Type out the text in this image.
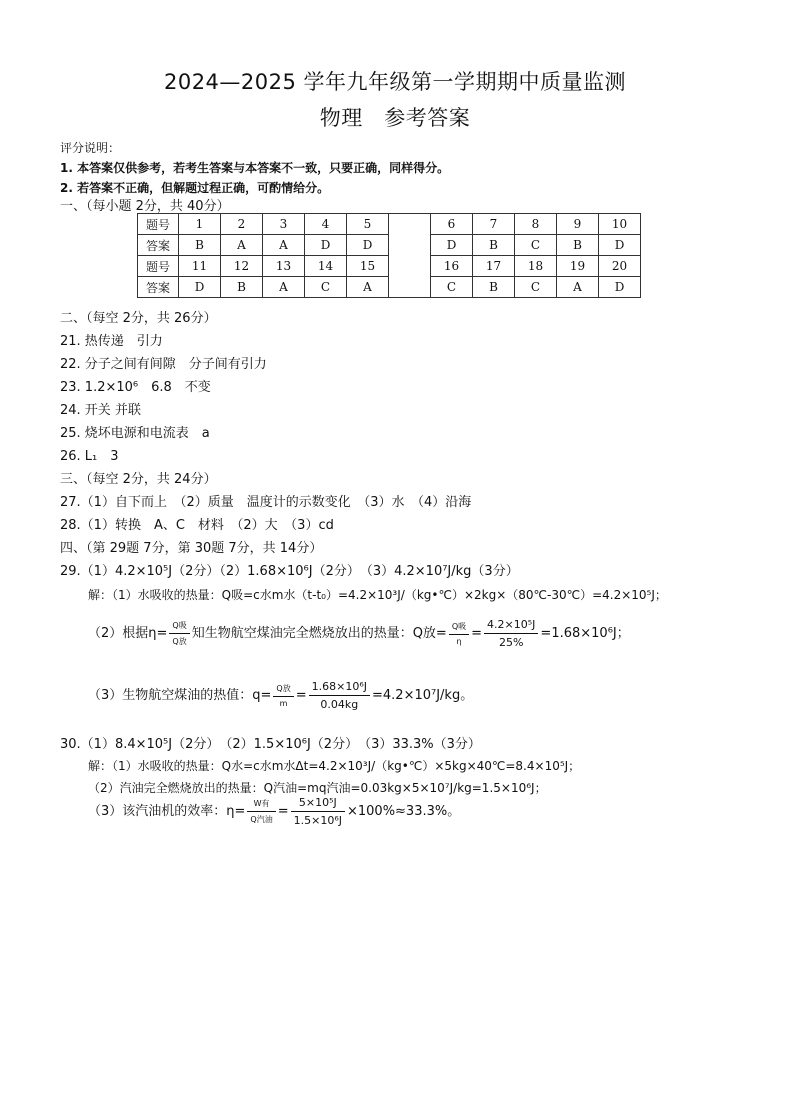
2024—2025 学年九年级第一学期期中质量监测
物理　参考答案
评分说明：
1. 本答案仅供参考，若考生答案与本答案不一致，只要正确，同样得分。
2. 若答案不正确，但解题过程正确，可酌情给分。
一、（每小题 2分，共 40分）
题号	1	2	3	4	5		6	7	8	9	10
答案	B	A	A	D	D		D	B	C	B	D
题号	11	12	13	14	15		16	17	18	19	20
答案	D	B	A	C	A		C	B	C	A	D
二、（每空 2分，共 26分）
21. 热传递　引力
22. 分子之间有间隙　分子间有引力
23. 1.2×10⁶　6.8　不变
24. 开关 并联
25. 烧坏电源和电流表　a
26. L₁　3
三、（每空 2分，共 24分）
27.（1）自下而上　（2）质量　温度计的示数变化　（3）水　（4）沿海
28.（1）转换　A、C　材料　（2）大　（3）cd
四、（第 29题 7分，第 30题 7分，共 14分）
29.（1）4.2×10⁵J（2分）（2）1.68×10⁶J（2分）　（3）4.2×10⁷J/kg（3分）
解：（1）水吸收的热量：Q吸=c水m水（t-t₀）=4.2×10³J/（kg•℃）×2kg×（80℃-30℃）=4.2×10⁵J；
（2）根据$\eta= \frac{\text{Q吸}}{\text{Q放}}$ 知生物航空煤油完全燃烧放出的热量：Q放= $\frac{\text{Q吸}}{\eta} = \frac{\text{4.2×10⁵J}}{25\%} =1.68\times 10^6J$；
（3）生物航空煤油的热值：$q= \frac{\text{Q放}}{m} = \frac{\text{1.68×10⁶J}}{0.04kg} =4.2\times 10^7J/kg$。
30.（1）8.4×10⁵J（2分）　（2）1.5×10⁶J（2分）　（3）33.3%（3分）
解：（1）水吸收的热量：Q水=c水m水Δt=4.2×10³J/（kg•℃）×5kg×40℃=8.4×10⁵J；
（2）汽油完全燃烧放出的热量：Q汽油=mq汽油=0.03kg×5×10⁷J/kg=1.5×10⁶J；
（3）该汽油机的效率：$\eta= \frac{\text{W有}}{\text{Q汽油}} = \frac{\text{5×10⁵J}}{\text{1.5×10⁶J}} \times 100\%\approx 33.3\%$。
